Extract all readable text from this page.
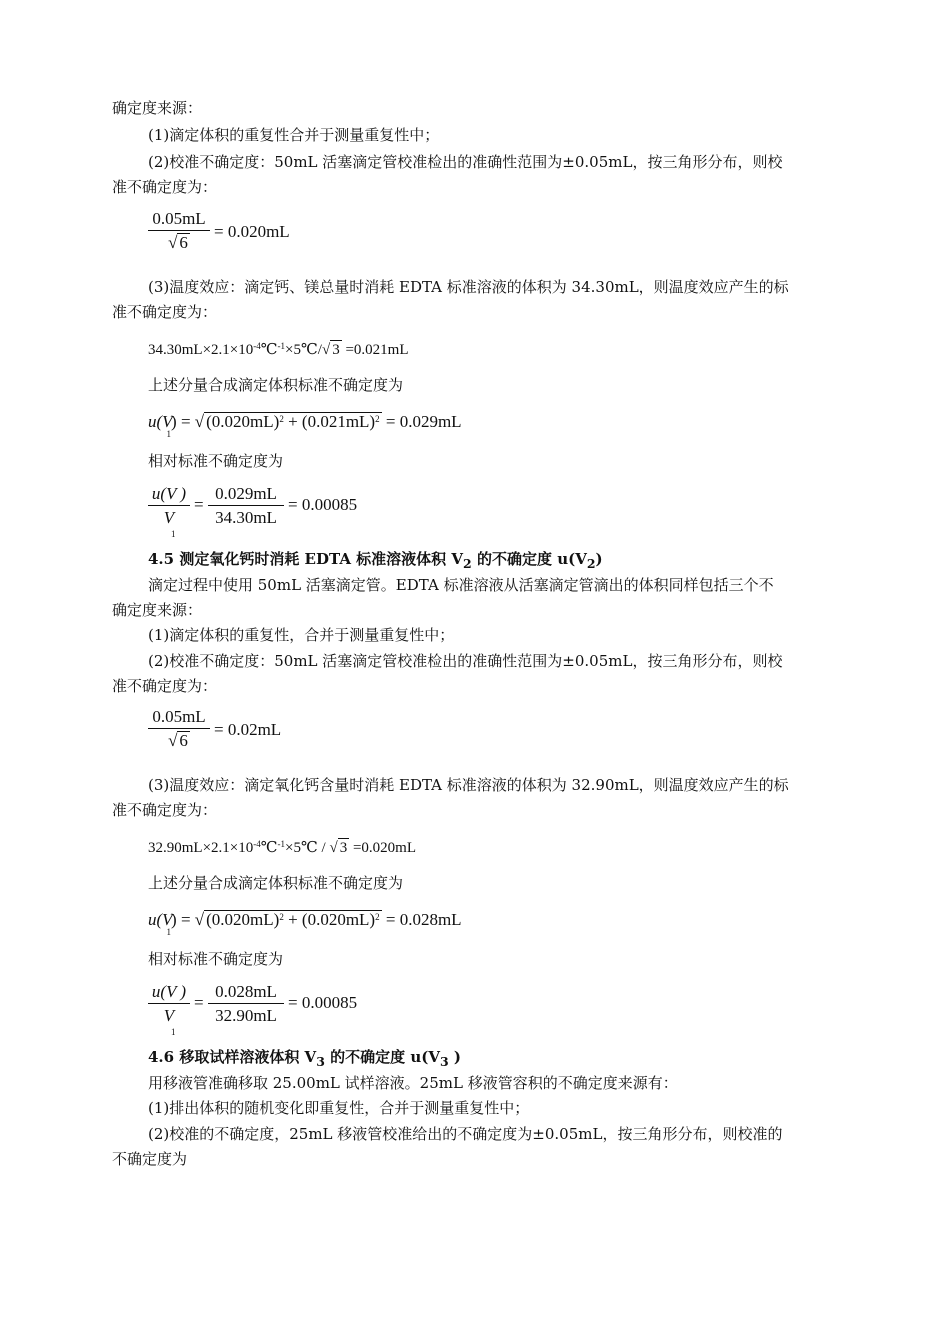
确定度来源：
(1)滴定体积的重复性合并于测量重复性中；
(2)校准不确定度：50mL 活塞滴定管校准检出的准确性范围为±0.05mL，按三角形分布，则校
准不确定度为：
0.05mL
√ 6
= 0.020mL
(3)温度效应：滴定钙、镁总量时消耗 EDTA 标准溶液的体积为 34.30mL，则温度效应产生的标
准不确定度为：
$34.30mL\times 2.1\times 10^{-4}℃^{-1}\times 5℃/√$ 3 =0.021mL
上述分量合成滴定体积标准不确定度为
$u(V_1)$ = √ $(0.020mL)^2 + (0.021mL)^2 = 0.029mL$
相对标准不确定度为
u(V )
V
1
=
0.029mL
34.30mL
= 0.00085
4.5 测定氧化钙时消耗 EDTA 标准溶液体积 $V_2$ 的不确定度 $u(V_2)$
滴定过程中使用 50mL 活塞滴定管。EDTA 标准溶液从活塞滴定管滴出的体积同样包括三个不
确定度来源：
(1)滴定体积的重复性，合并于测量重复性中；
(2)校准不确定度：50mL 活塞滴定管校准检出的准确性范围为±0.05mL，按三角形分布，则校
准不确定度为：
0.05mL
√ 6
= 0.02mL
(3)温度效应：滴定氧化钙含量时消耗 EDTA 标准溶液的体积为 32.90mL，则温度效应产生的标
准不确定度为：
$32.90mL\times 2.1\times 10^{-4}℃^{-1}\times 5℃$ / √ 3 =0.020mL
上述分量合成滴定体积标准不确定度为
$u(V_1)$ = √ $(0.020mL)^2 + (0.020mL)^2 = 0.028mL$
相对标准不确定度为
u(V )
V
1
=
0.028mL
32.90mL
= 0.00085
4.6 移取试样溶液体积 $V_3$ 的不确定度 $u(V_3$ )
用移液管准确移取 25.00mL 试样溶液。25mL 移液管容积的不确定度来源有：
(1)排出体积的随机变化即重复性，合并于测量重复性中；
(2)校准的不确定度，25mL 移液管校准给出的不确定度为±0.05mL，按三角形分布，则校准的
不确定度为
